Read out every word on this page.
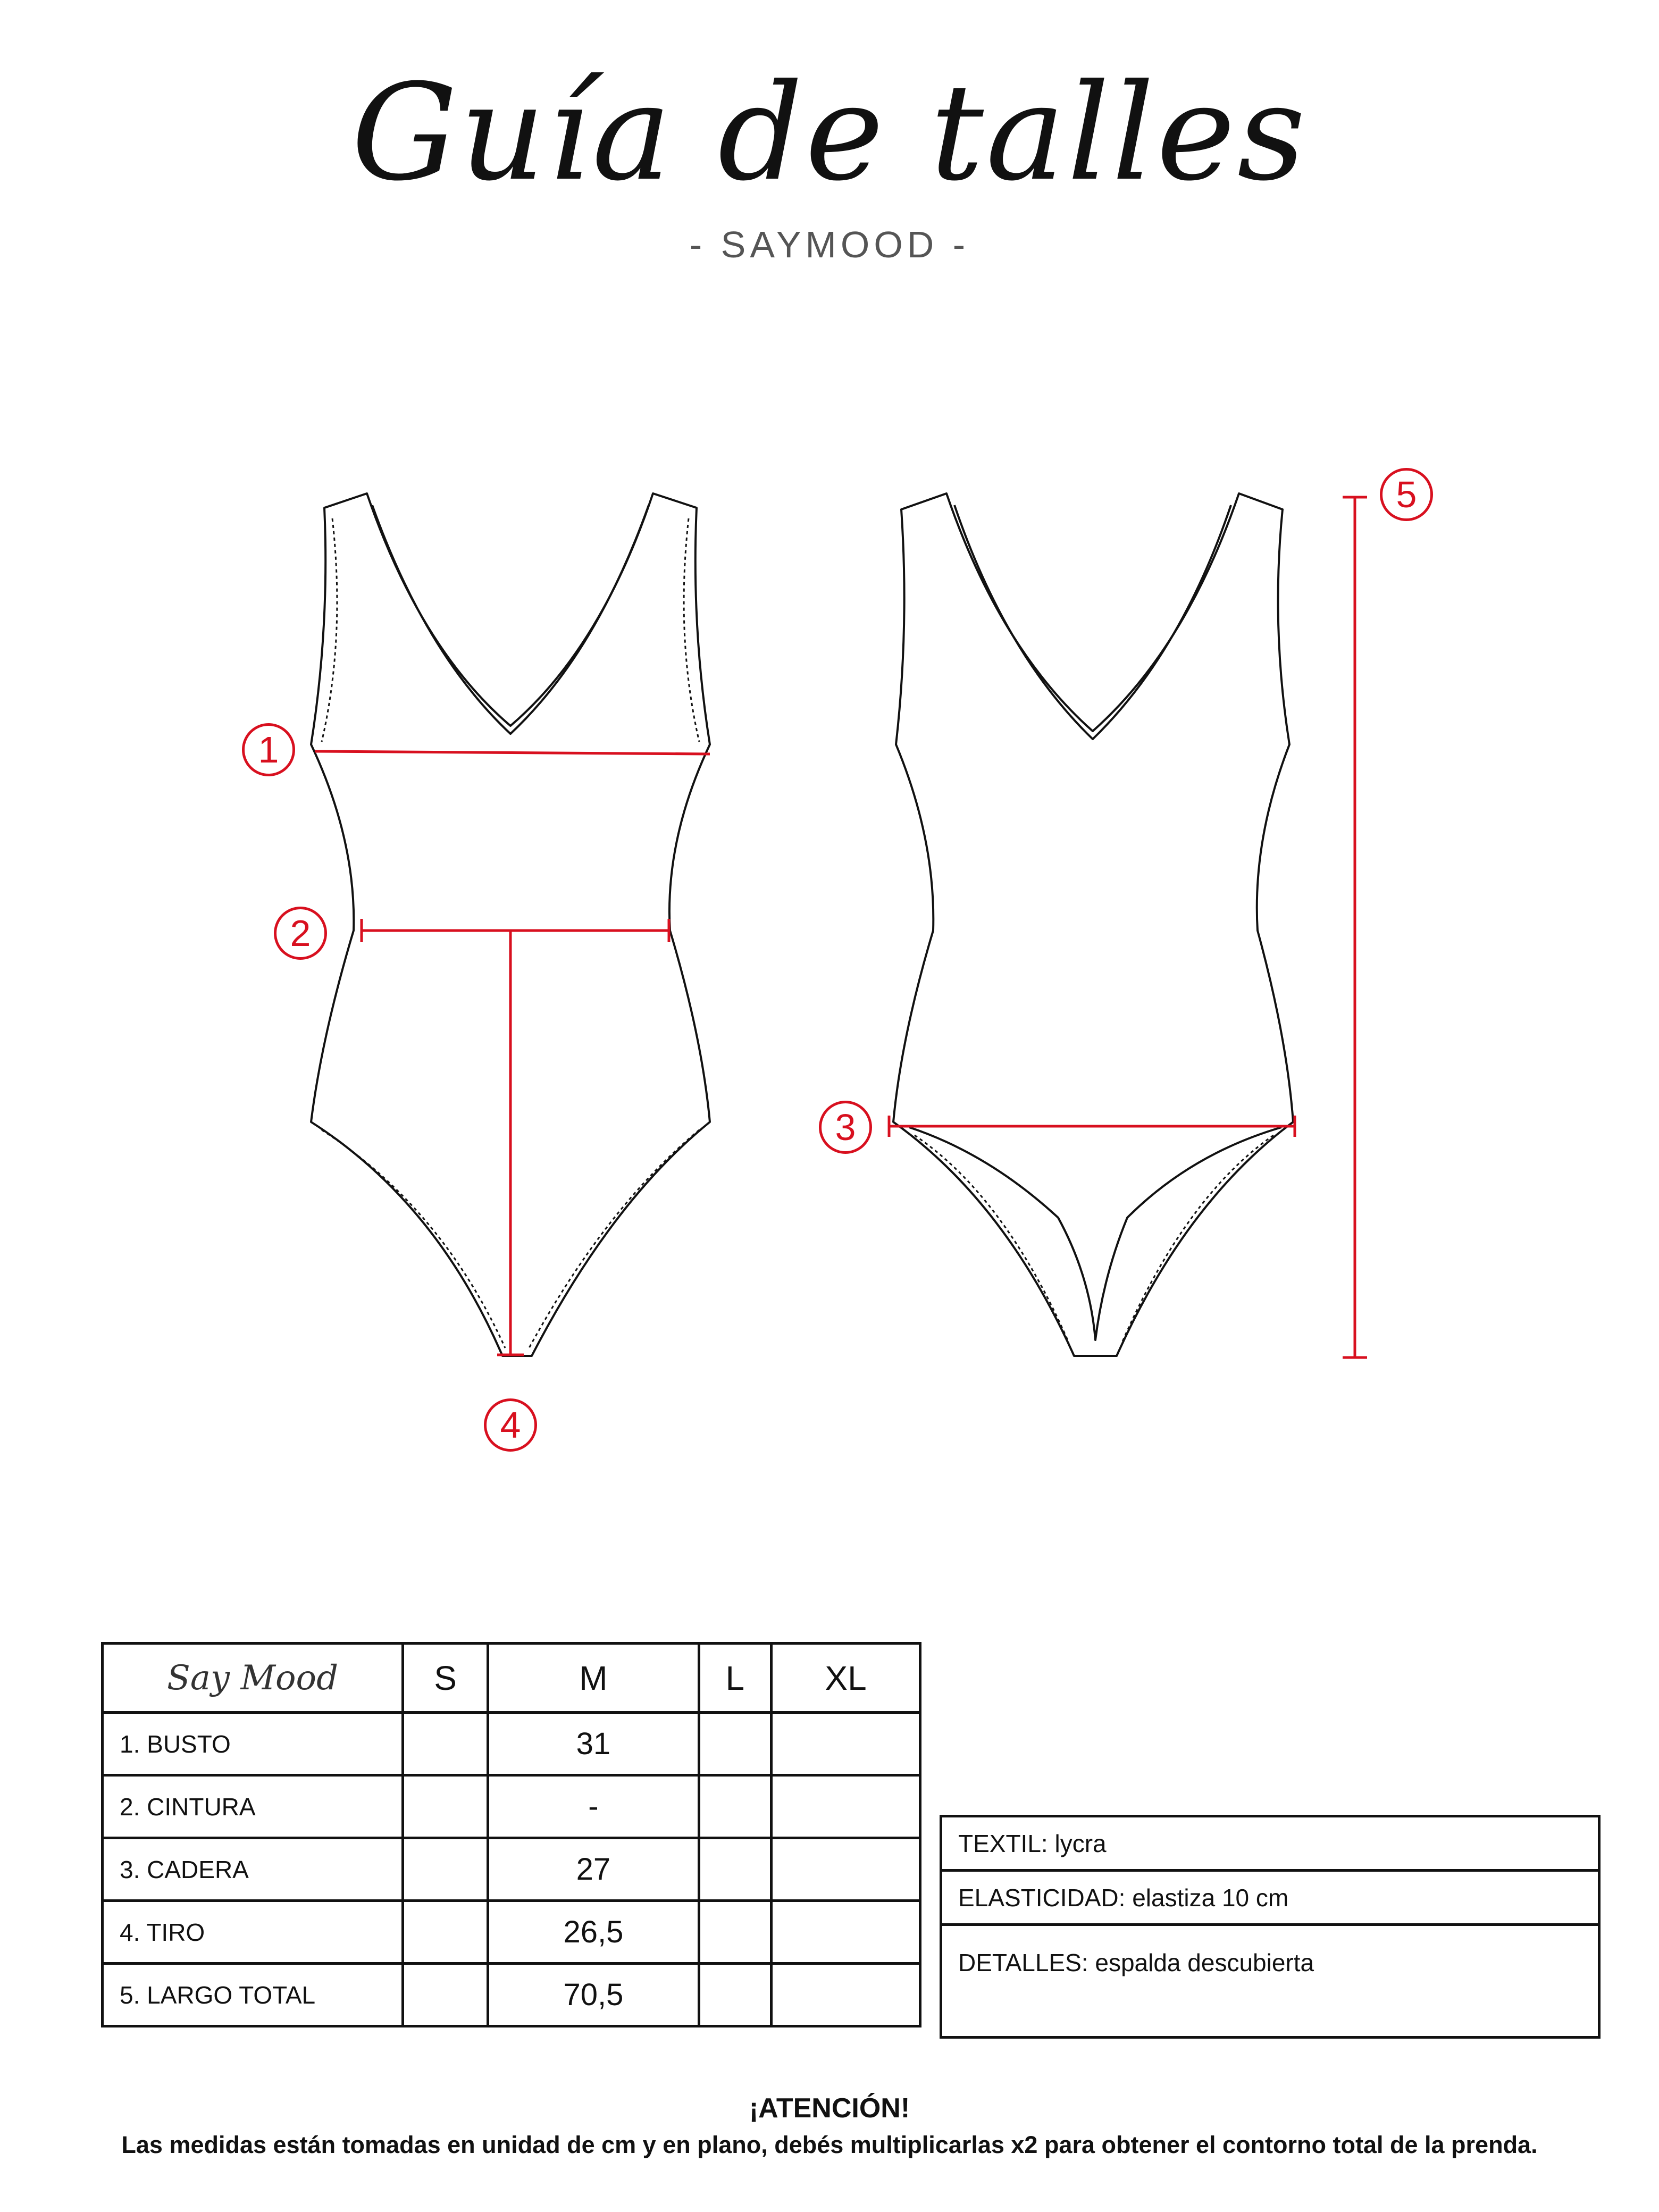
Guía de talles
- SAYMOOD -
1
2
3
4
5
Say Mood	S	M	L	XL
1. BUSTO		31		
2. CINTURA		-		
3. CADERA		27		
4. TIRO		26,5		
5. LARGO TOTAL		70,5		
TEXTIL: lycra
ELASTICIDAD: elastiza 10 cm
DETALLES: espalda descubierta
¡ATENCIÓN!
Las medidas están tomadas en unidad de cm y en plano, debés multiplicarlas x2 para obtener el contorno total de la prenda.
